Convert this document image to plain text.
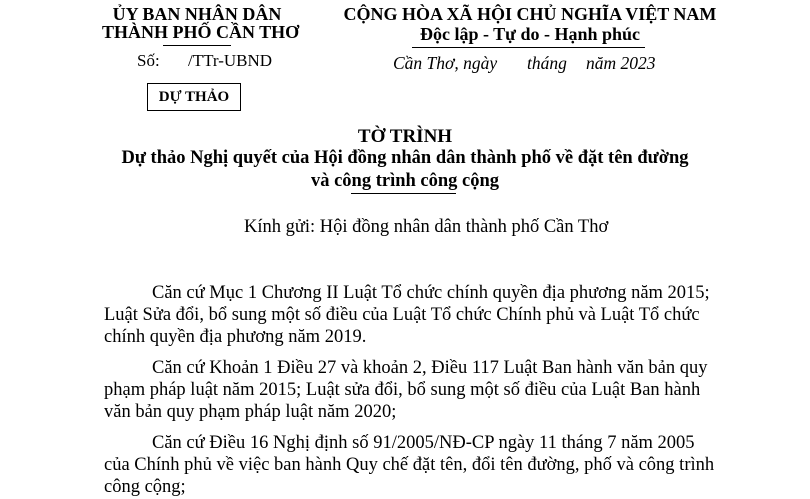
ỦY BAN NHÂN DÂN
THÀNH PHỐ CẦN THƠ
Số: /TTr-UBND
DỰ THẢO
CỘNG HÒA XÃ HỘI CHỦ NGHĨA VIỆT NAM
Độc lập - Tự do - Hạnh phúc
Cần Thơ, ngày tháng năm 2023
TỜ TRÌNH
Dự thảo Nghị quyết của Hội đồng nhân dân thành phố về đặt tên đường
và công trình công cộng
Kính gửi: Hội đồng nhân dân thành phố Cần Thơ
Căn cứ Mục 1 Chương II Luật Tổ chức chính quyền địa phương năm 2015;
Luật Sửa đổi, bổ sung một số điều của Luật Tổ chức Chính phủ và Luật Tổ chức
chính quyền địa phương năm 2019.
Căn cứ Khoản 1 Điều 27 và khoản 2, Điều 117 Luật Ban hành văn bản quy
phạm pháp luật năm 2015; Luật sửa đổi, bổ sung một số điều của Luật Ban hành
văn bản quy phạm pháp luật năm 2020;
Căn cứ Điều 16 Nghị định số 91/2005/NĐ-CP ngày 11 tháng 7 năm 2005
của Chính phủ về việc ban hành Quy chế đặt tên, đổi tên đường, phố và công trình
công cộng;
